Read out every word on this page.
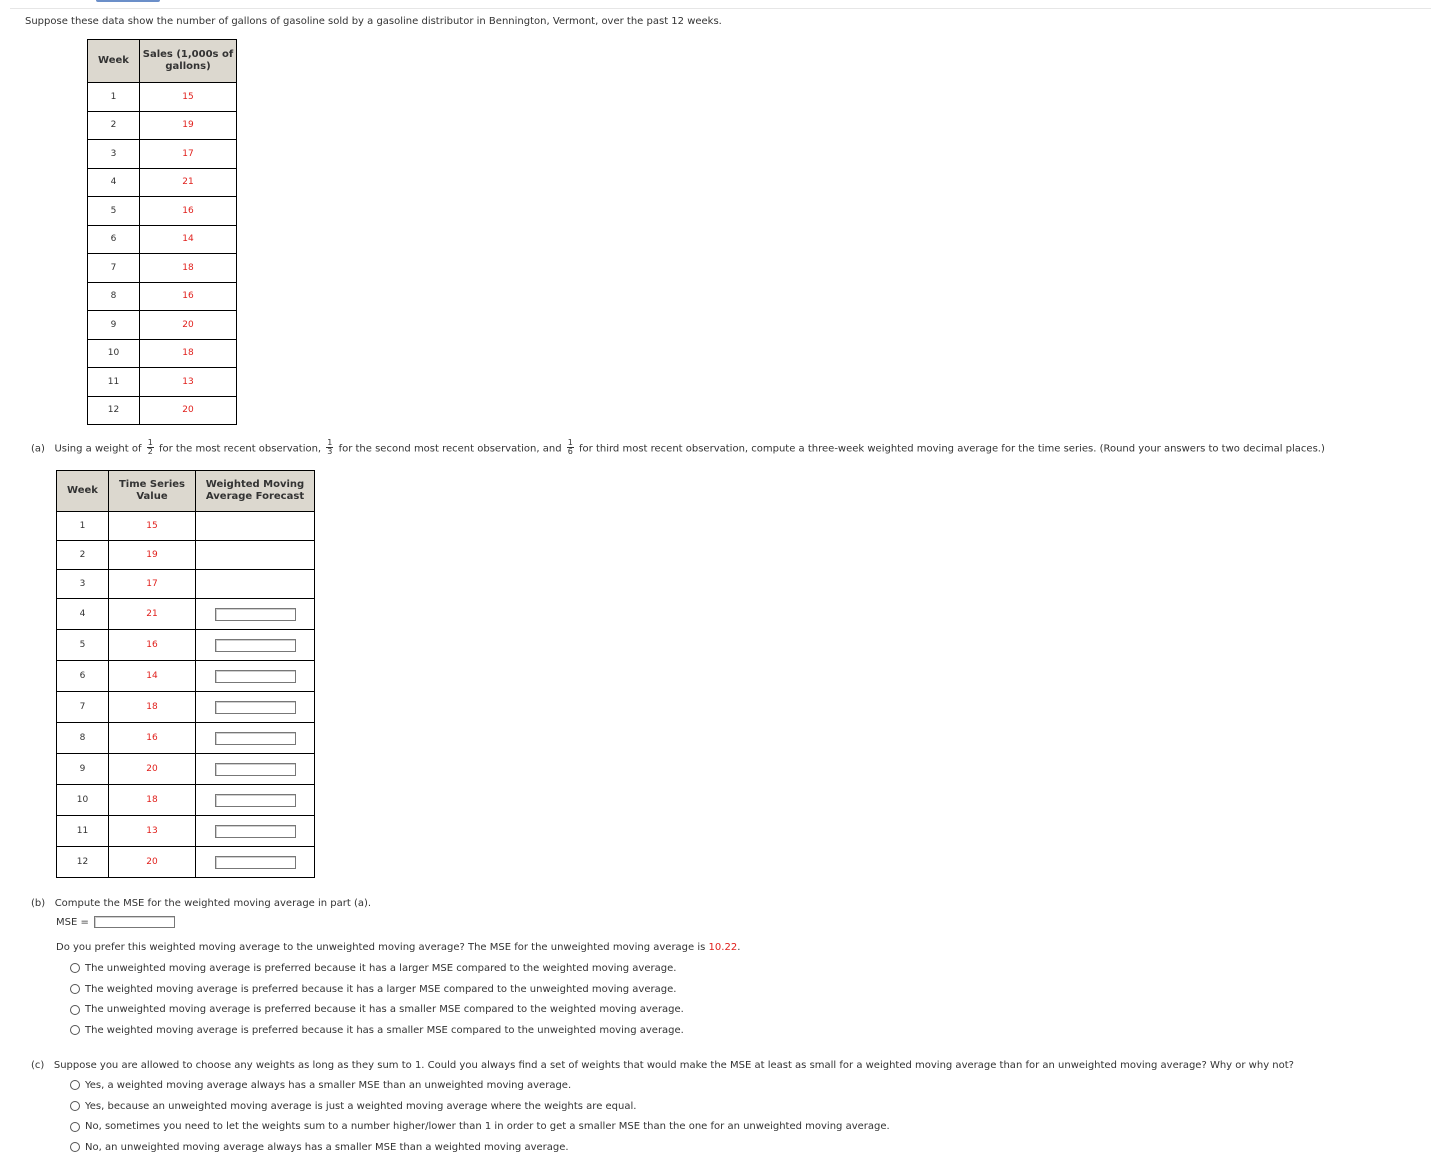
Suppose these data show the number of gallons of gasoline sold by a gasoline distributor in Bennington, Vermont, over the past 12 weeks.
Week	Sales (1,000s of gallons)
1	15
2	19
3	17
4	21
5	16
6	14
7	18
8	16
9	20
10	18
11	13
12	20
(a) Using a weight of $\frac{1}{2}$ for the most recent observation, $\frac{1}{3}$ for the second most recent observation, and $\frac{1}{6}$ for third most recent observation, compute a three-week weighted moving average for the time series. (Round your answers to two decimal places.)
Week	Time Series Value	Weighted Moving Average Forecast
1	15	
2	19	
3	17	
4	21	

5	16	

6	14	

7	18	

8	16	

9	20	

10	18	

11	13	

12	20	
(b) Compute the MSE for the weighted moving average in part (a).
MSE =
Do you prefer this weighted moving average to the unweighted moving average? The MSE for the unweighted moving average is 10.22.
The unweighted moving average is preferred because it has a larger MSE compared to the weighted moving average.
The weighted moving average is preferred because it has a larger MSE compared to the unweighted moving average.
The unweighted moving average is preferred because it has a smaller MSE compared to the weighted moving average.
The weighted moving average is preferred because it has a smaller MSE compared to the unweighted moving average.
(c) Suppose you are allowed to choose any weights as long as they sum to 1. Could you always find a set of weights that would make the MSE at least as small for a weighted moving average than for an unweighted moving average? Why or why not?
Yes, a weighted moving average always has a smaller MSE than an unweighted moving average.
Yes, because an unweighted moving average is just a weighted moving average where the weights are equal.
No, sometimes you need to let the weights sum to a number higher/lower than 1 in order to get a smaller MSE than the one for an unweighted moving average.
No, an unweighted moving average always has a smaller MSE than a weighted moving average.
